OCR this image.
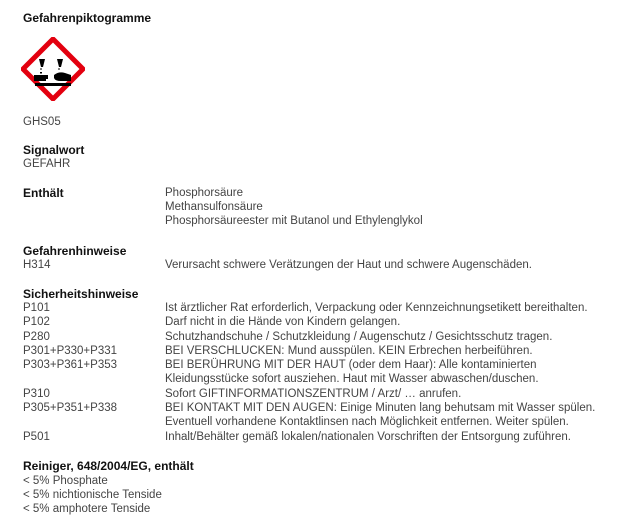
Gefahrenpiktogramme
GHS05
Signalwort
GEFAHR
Enthält	Phosphorsäure
Methansulfonsäure
Phosphorsäureester mit Butanol und Ethylenglykol
Gefahrenhinweise
H314	Verursacht schwere Verätzungen der Haut und schwere Augenschäden.
Sicherheitshinweise
P101	Ist ärztlicher Rat erforderlich, Verpackung oder Kennzeichnungsetikett bereithalten.
P102	Darf nicht in die Hände von Kindern gelangen.
P280	Schutzhandschuhe / Schutzkleidung / Augenschutz / Gesichtsschutz tragen.
P301+P330+P331	BEI VERSCHLUCKEN: Mund ausspülen. KEIN Erbrechen herbeiführen.
P303+P361+P353	BEI BERÜHRUNG MIT DER HAUT (oder dem Haar): Alle kontaminierten
Kleidungsstücke sofort ausziehen. Haut mit Wasser abwaschen/duschen.
P310	Sofort GIFTINFORMATIONSZENTRUM / Arzt/ … anrufen.
P305+P351+P338	BEI KONTAKT MIT DEN AUGEN: Einige Minuten lang behutsam mit Wasser spülen.
Eventuell vorhandene Kontaktlinsen nach Möglichkeit entfernen. Weiter spülen.
P501	Inhalt/Behälter gemäß lokalen/nationalen Vorschriften der Entsorgung zuführen.
Reiniger, 648/2004/EG, enthält
< 5% Phosphate
< 5% nichtionische Tenside
< 5% amphotere Tenside
